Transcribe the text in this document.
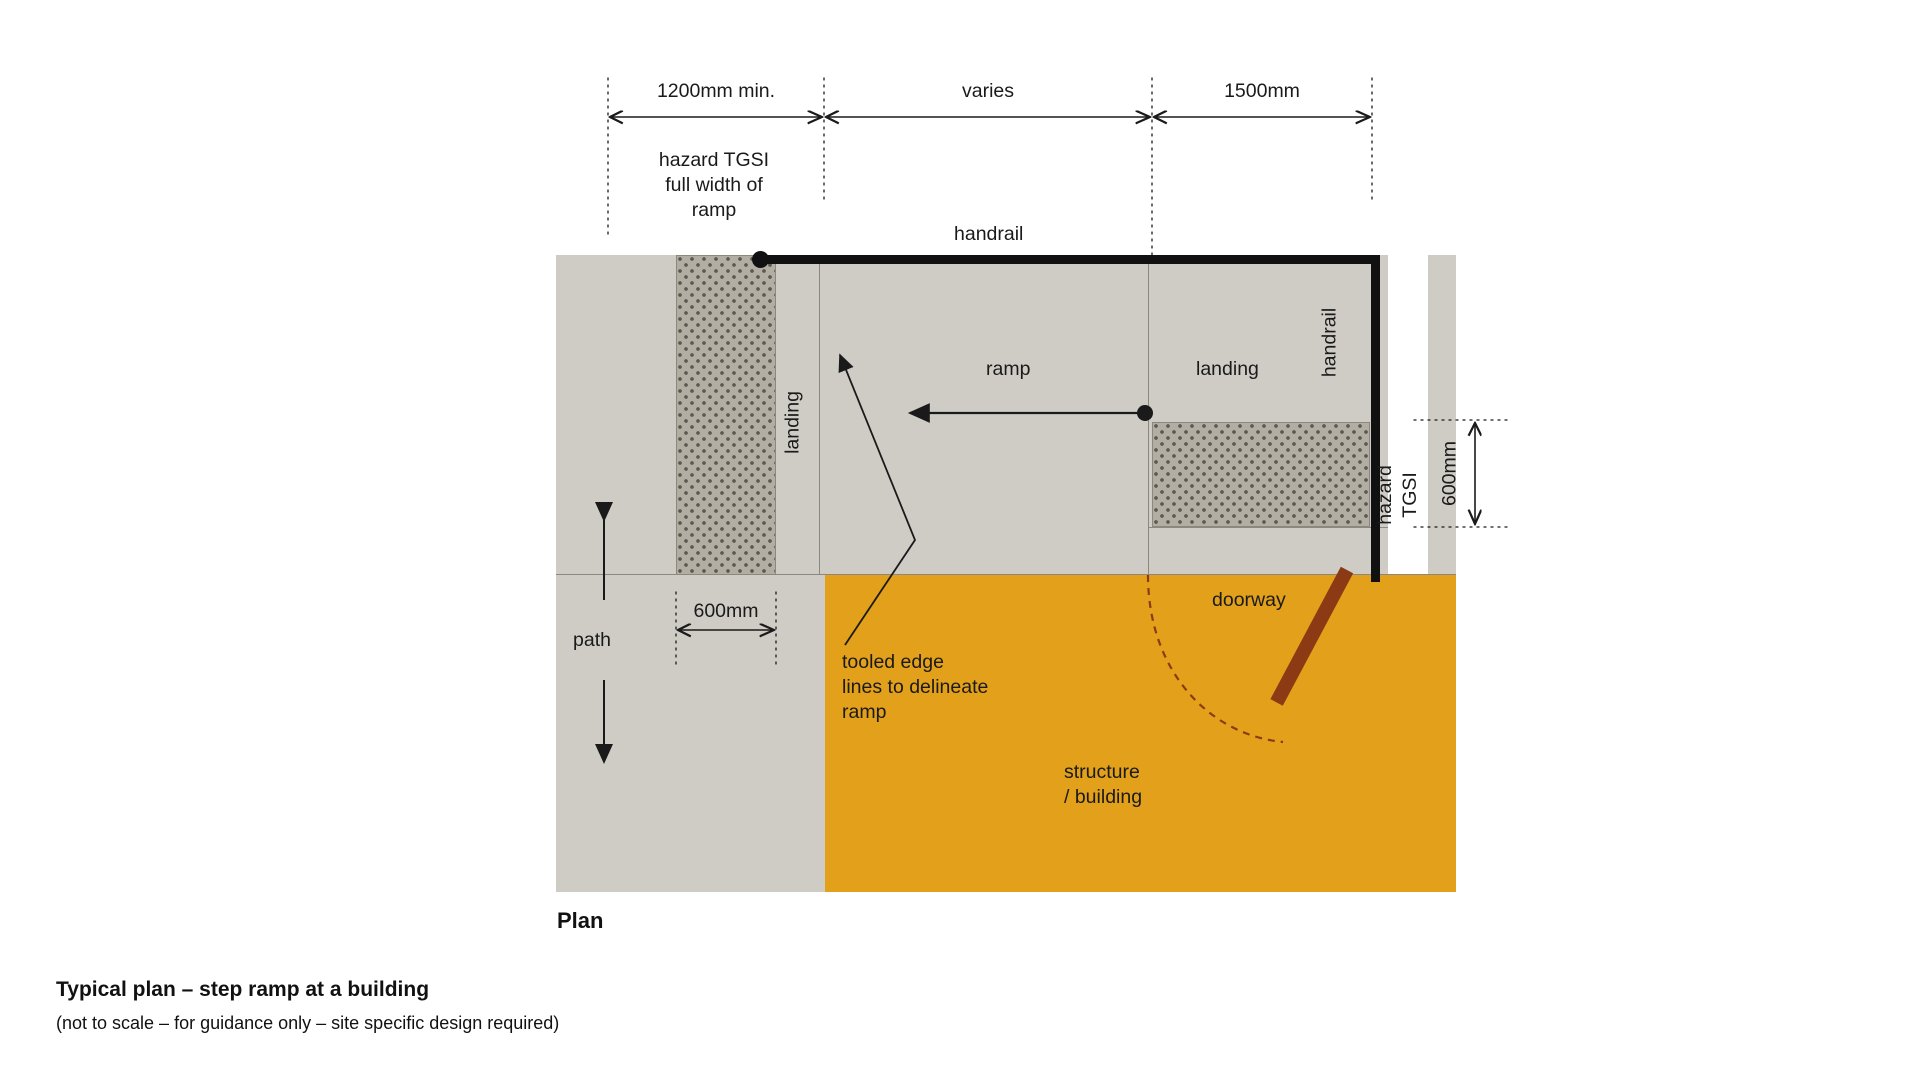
1200mm min.	varies	1500mm
600mm
600mm
hazard TGSI
full width of
ramp
handrail
handrail
landing
ramp	landing
hazard
TGSI
path
tooled edge
lines to delineate
ramp
doorway
structure
/ building
Plan
Typical plan – step ramp at a building
(not to scale – for guidance only – site specific design required)
